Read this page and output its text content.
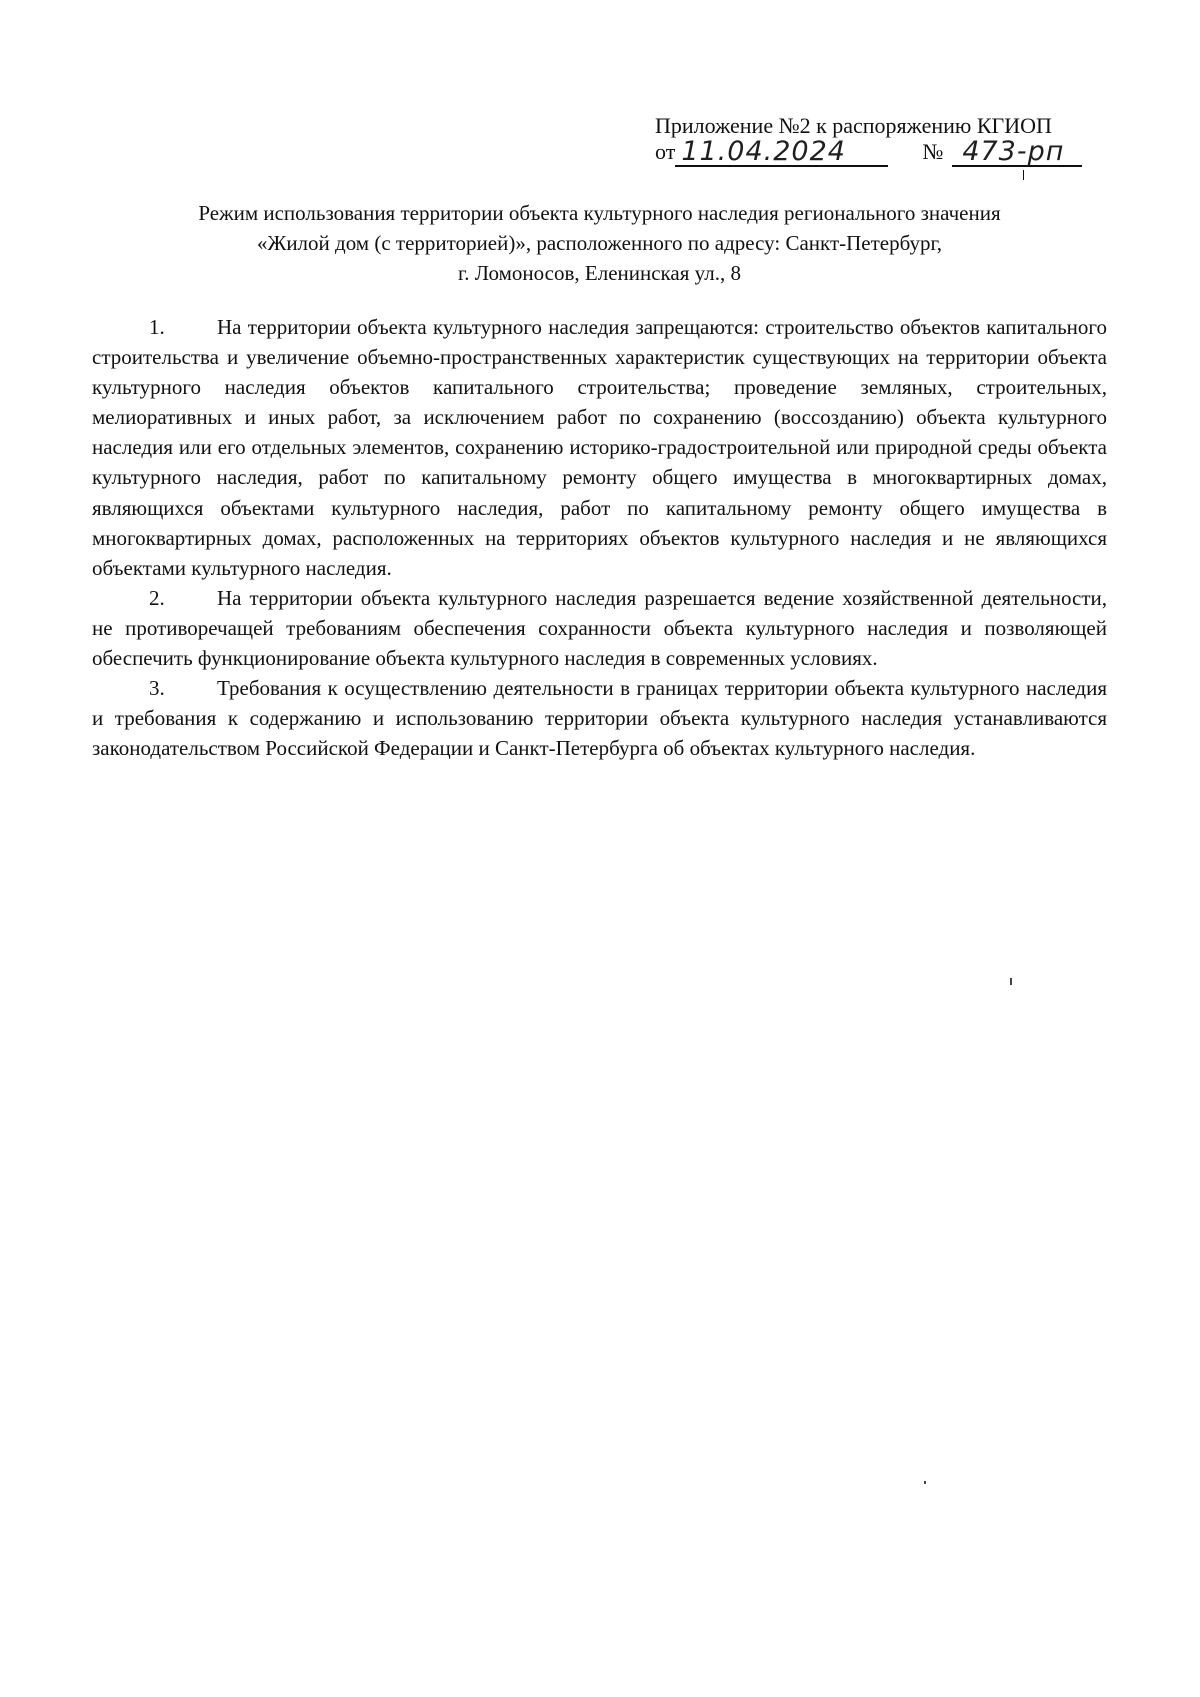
Приложение №2 к распоряжению КГИОП
от 11.04.2024	№ 473-рп
Режим использования территории объекта культурного наследия регионального значения
«Жилой дом (с территорией)», расположенного по адресу: Санкт-Петербург,
г. Ломоносов, Еленинская ул., 8

1. На территории объекта культурного наследия запрещаются: строительство объектов капитального строительства и увеличение объемно-пространственных характеристик существующих на территории объекта культурного наследия объектов капитального строительства; проведение земляных, строительных, мелиоративных и иных работ, за исключением работ по сохранению (воссозданию) объекта культурного наследия или его отдельных элементов, сохранению историко-градостроительной или природной среды объекта культурного наследия, работ по капитальному ремонту общего имущества в многоквартирных домах, являющихся объектами культурного наследия, работ по капитальному ремонту общего имущества в многоквартирных домах, расположенных на территориях объектов культурного наследия и не являющихся объектами культурного наследия.

2. На территории объекта культурного наследия разрешается ведение хозяйственной деятельности, не противоречащей требованиям обеспечения сохранности объекта культурного наследия и позволяющей обеспечить функционирование объекта культурного наследия в современных условиях.

3. Требования к осуществлению деятельности в границах территории объекта культурного наследия и требования к содержанию и использованию территории объекта культурного наследия устанавливаются законодательством Российской Федерации и Санкт-Петербурга об объектах культурного наследия.
